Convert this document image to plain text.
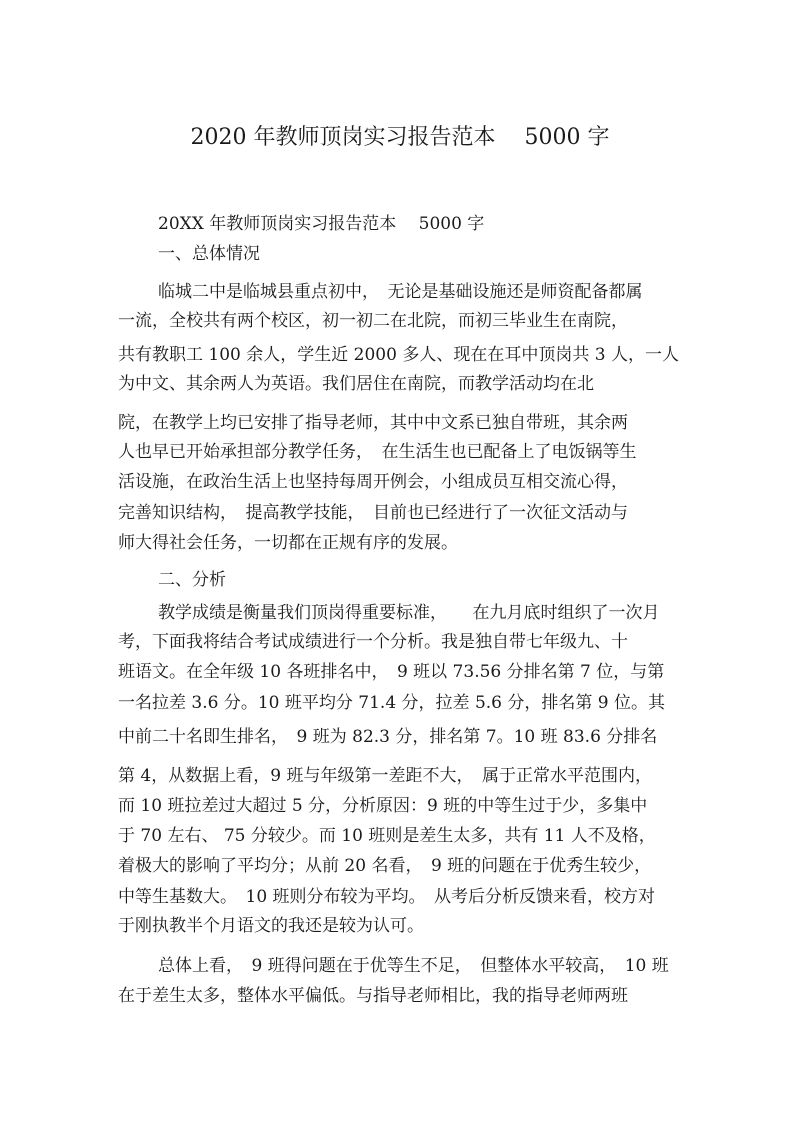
2020 年教师顶岗实习报告范本　 5000 字
20XX 年教师顶岗实习报告范本　 5000 字
一、总体情况
临城二中是临城县重点初中，　无论是基础设施还是师资配备都属
一流，全校共有两个校区，初一初二在北院，而初三毕业生在南院，
共有教职工 100 余人，学生近 2000 多人、现在在耳中顶岗共 3 人，一人
为中文、其余两人为英语。我们居住在南院，而教学活动均在北
院，在教学上均已安排了指导老师，其中中文系已独自带班，其余两
人也早已开始承担部分教学任务，　在生活生也已配备上了电饭锅等生
活设施，在政治生活上也坚持每周开例会，小组成员互相交流心得，
完善知识结构，　提高教学技能，　目前也已经进行了一次征文活动与
师大得社会任务，一切都在正规有序的发展。
二、分析
教学成绩是衡量我们顶岗得重要标准，　　在九月底时组织了一次月
考，下面我将结合考试成绩进行一个分析。我是独自带七年级九、十
班语文。在全年级 10 各班排名中，　9 班以 73.56 分排名第 7 位，与第
一名拉差 3.6 分。10 班平均分 71.4 分，拉差 5.6 分，排名第 9 位。其
中前二十名即生排名，　9 班为 82.3 分，排名第 7。10 班 83.6 分排名
第 4，从数据上看，9 班与年级第一差距不大，　属于正常水平范围内，
而 10 班拉差过大超过 5 分，分析原因：9 班的中等生过于少，多集中
于 70 左右、 75 分较少。而 10 班则是差生太多，共有 11 人不及格，
着极大的影响了平均分；从前 20 名看，　9 班的问题在于优秀生较少，
中等生基数大。　10 班则分布较为平均。　从考后分析反馈来看，校方对
于刚执教半个月语文的我还是较为认可。
总体上看，　9 班得问题在于优等生不足，　但整体水平较高，　10 班
在于差生太多，整体水平偏低。与指导老师相比，我的指导老师两班
